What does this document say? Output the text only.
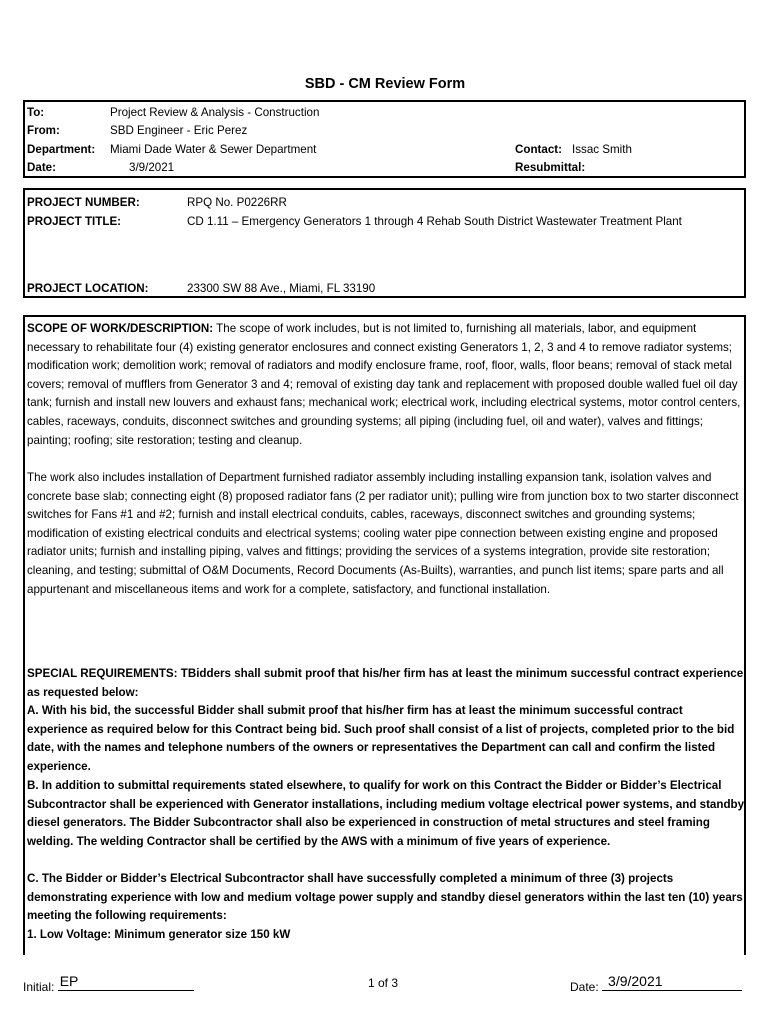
SBD - CM Review Form
To:	Project Review & Analysis - Construction
From:	SBD Engineer - Eric Perez
Department: Miami Dade Water & Sewer Department
Date:	3/9/2021
Contact: Issac Smith
Resubmittal:
PROJECT NUMBER:	RPQ No. P0226RR
PROJECT TITLE:	CD 1.11 – Emergency Generators 1 through 4 Rehab South District Wastewater Treatment Plant
PROJECT LOCATION:	23300 SW 88 Ave., Miami, FL 33190
SCOPE OF WORK/DESCRIPTION: The scope of work includes, but is not limited to, furnishing all materials, labor, and equipment necessary to rehabilitate four (4) existing generator enclosures and connect existing Generators 1, 2, 3 and 4 to remove radiator systems; modification work; demolition work; removal of radiators and modify enclosure frame, roof, floor, walls, floor beans; removal of stack metal covers; removal of mufflers from Generator 3 and 4; removal of existing day tank and replacement with proposed double walled fuel oil day tank; furnish and install new louvers and exhaust fans; mechanical work; electrical work, including electrical systems, motor control centers, cables, raceways, conduits, disconnect switches and grounding systems; all piping (including fuel, oil and water), valves and fittings; painting; roofing; site restoration; testing and cleanup.
The work also includes installation of Department furnished radiator assembly including installing expansion tank, isolation valves and concrete base slab; connecting eight (8) proposed radiator fans (2 per radiator unit); pulling wire from junction box to two starter disconnect switches for Fans #1 and #2; furnish and install electrical conduits, cables, raceways, disconnect switches and grounding systems; modification of existing electrical conduits and electrical systems; cooling water pipe connection between existing engine and proposed radiator units; furnish and installing piping, valves and fittings; providing the services of a systems integration, provide site restoration; cleaning, and testing; submittal of O&M Documents, Record Documents (As-Builts), warranties, and punch list items; spare parts and all appurtenant and miscellaneous items and work for a complete, satisfactory, and functional installation.
SPECIAL REQUIREMENTS: TBidders shall submit proof that his/her firm has at least the minimum successful contract experience as requested below:
A. With his bid, the successful Bidder shall submit proof that his/her firm has at least the minimum successful contract experience as required below for this Contract being bid. Such proof shall consist of a list of projects, completed prior to the bid date, with the names and telephone numbers of the owners or representatives the Department can call and confirm the listed experience.
B. In addition to submittal requirements stated elsewhere, to qualify for work on this Contract the Bidder or Bidder’s Electrical Subcontractor shall be experienced with Generator installations, including medium voltage electrical power systems, and standby diesel generators. The Bidder Subcontractor shall also be experienced in construction of metal structures and steel framing welding. The welding Contractor shall be certified by the AWS with a minimum of five years of experience.
C. The Bidder or Bidder’s Electrical Subcontractor shall have successfully completed a minimum of three (3) projects demonstrating experience with low and medium voltage power supply and standby diesel generators within the last ten (10) years meeting the following requirements:
1. Low Voltage: Minimum generator size 150 kW
Initial: EP	1 of 3	Date: 3/9/2021
